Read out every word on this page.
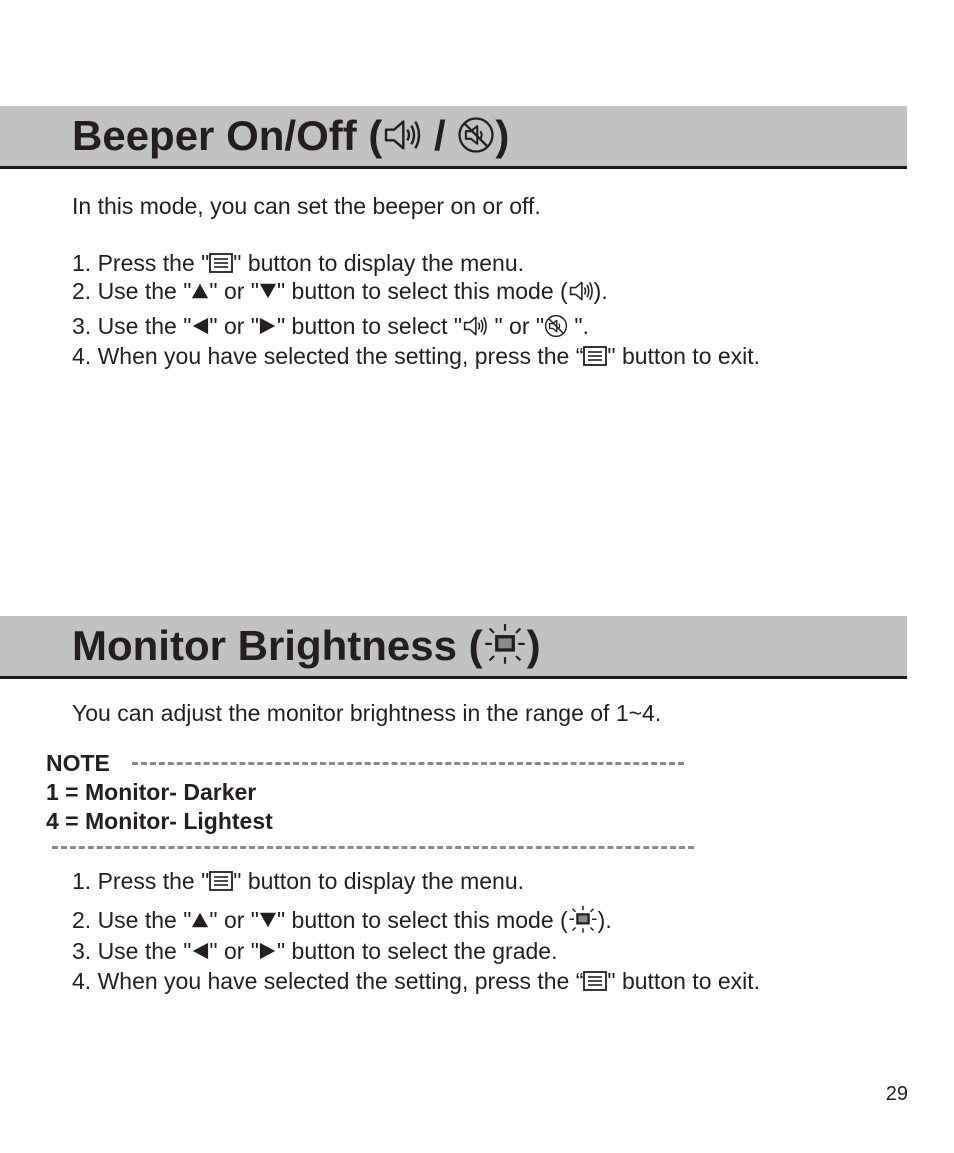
Beeper On/Off ( / )
In this mode, you can set the beeper on or off.
1. Press the " " button to display the menu.
2. Use the " " or " " button to select this mode ( ).
3. Use the " " or " " button to select " " or " ".
4. When you have selected the setting, press the “ " button to exit.
Monitor Brightness ( )
You can adjust the monitor brightness in the range of 1~4.
NOTE
1 = Monitor- Darker
4 = Monitor- Lightest
1. Press the " " button to display the menu.
2. Use the " " or " " button to select this mode ( ).
3. Use the " " or " " button to select the grade.
4. When you have selected the setting, press the “ " button to exit.
29
